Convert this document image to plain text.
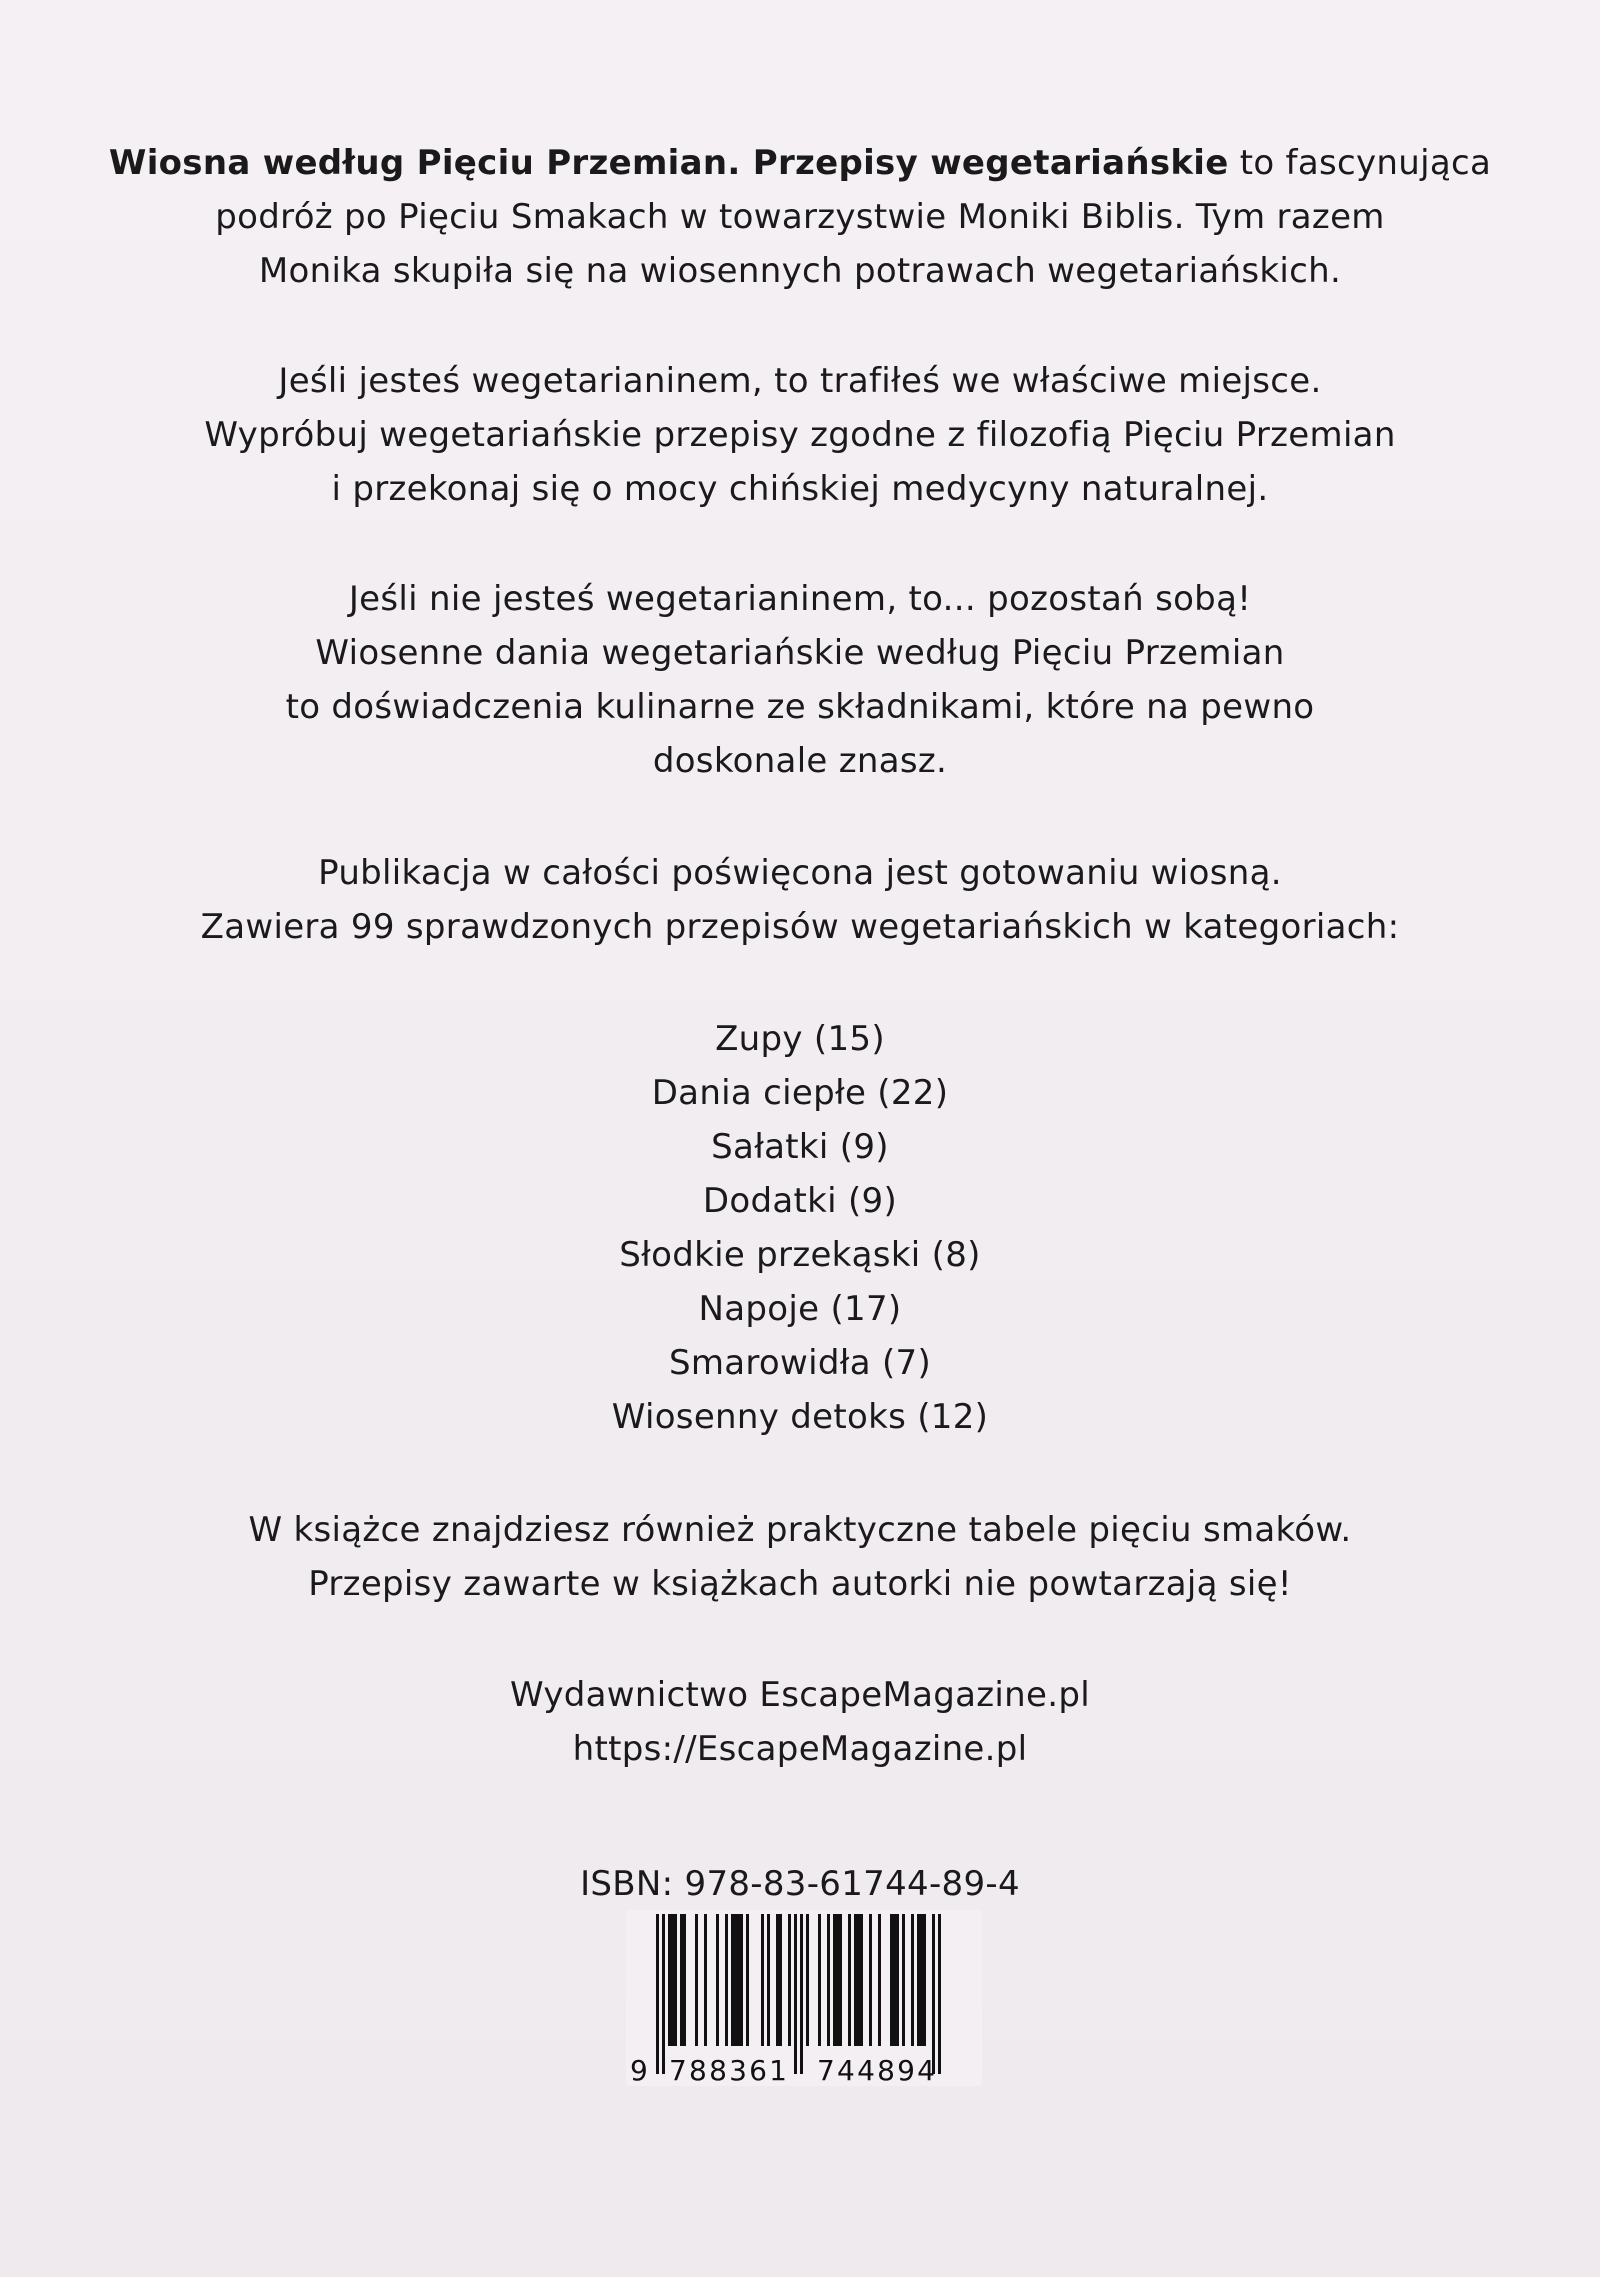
Wiosna według Pięciu Przemian. Przepisy wegetariańskie to fascynująca

podróż po Pięciu Smakach w towarzystwie Moniki Biblis. Tym razem

Monika skupiła się na wiosennych potrawach wegetariańskich.

Jeśli jesteś wegetarianinem, to trafiłeś we właściwe miejsce.

Wypróbuj wegetariańskie przepisy zgodne z filozofią Pięciu Przemian

i przekonaj się o mocy chińskiej medycyny naturalnej.

Jeśli nie jesteś wegetarianinem, to... pozostań sobą!

Wiosenne dania wegetariańskie według Pięciu Przemian

to doświadczenia kulinarne ze składnikami, które na pewno

doskonale znasz.

Publikacja w całości poświęcona jest gotowaniu wiosną.

Zawiera 99 sprawdzonych przepisów wegetariańskich w kategoriach:

Zupy (15)

Dania ciepłe (22)

Sałatki (9)

Dodatki (9)

Słodkie przekąski (8)

Napoje (17)

Smarowidła (7)

Wiosenny detoks (12)

W książce znajdziesz również praktyczne tabele pięciu smaków.

Przepisy zawarte w książkach autorki nie powtarzają się!

Wydawnictwo EscapeMagazine.pl

https://EscapeMagazine.pl

ISBN: 978-83-61744-89-4

9 788361 744894
